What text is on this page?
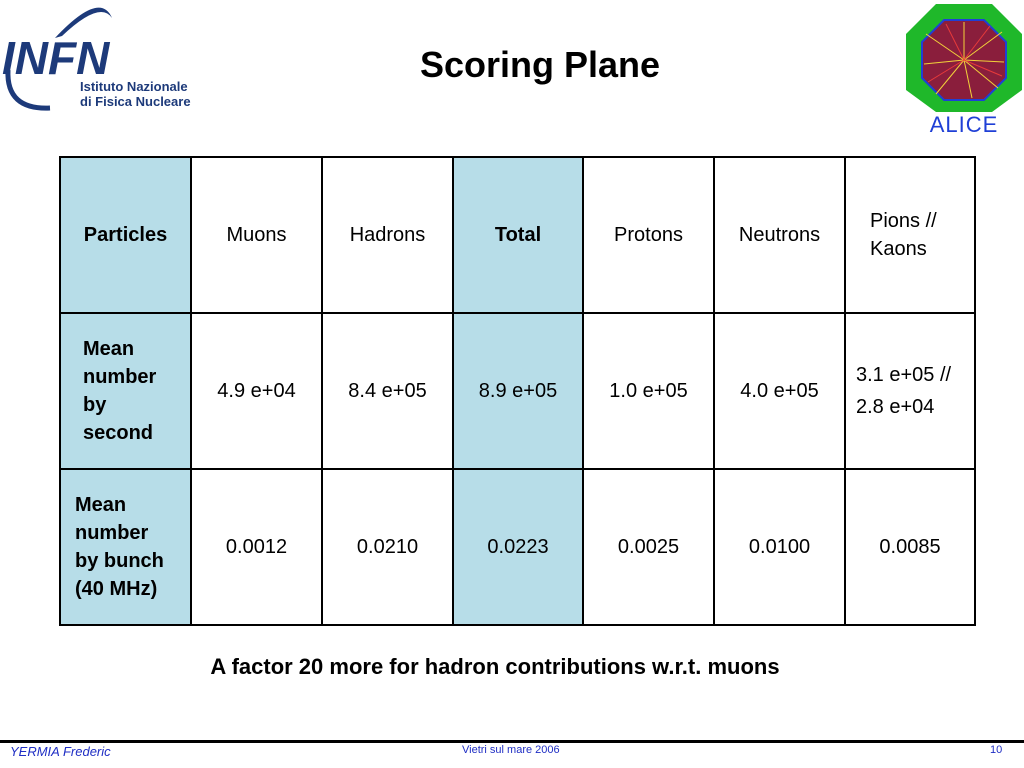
INFN
Istituto Nazionale
di Fisica Nucleare
ALICE
Scoring Plane
Particles	Muons	Hadrons	Total	Protons	Neutrons	Pions //
Kaons

Mean
number
by
second	4.9 e+04	8.4 e+05	8.9 e+05	1.0 e+05	4.0 e+05	3.1 e+05 //
2.8 e+04

Mean
number
by bunch
(40 MHz)	0.0012	0.0210	0.0223	0.0025	0.0100	0.0085
A factor 20 more for hadron contributions w.r.t. muons
YERMIA Frederic	Vietri sul mare 2006	10
